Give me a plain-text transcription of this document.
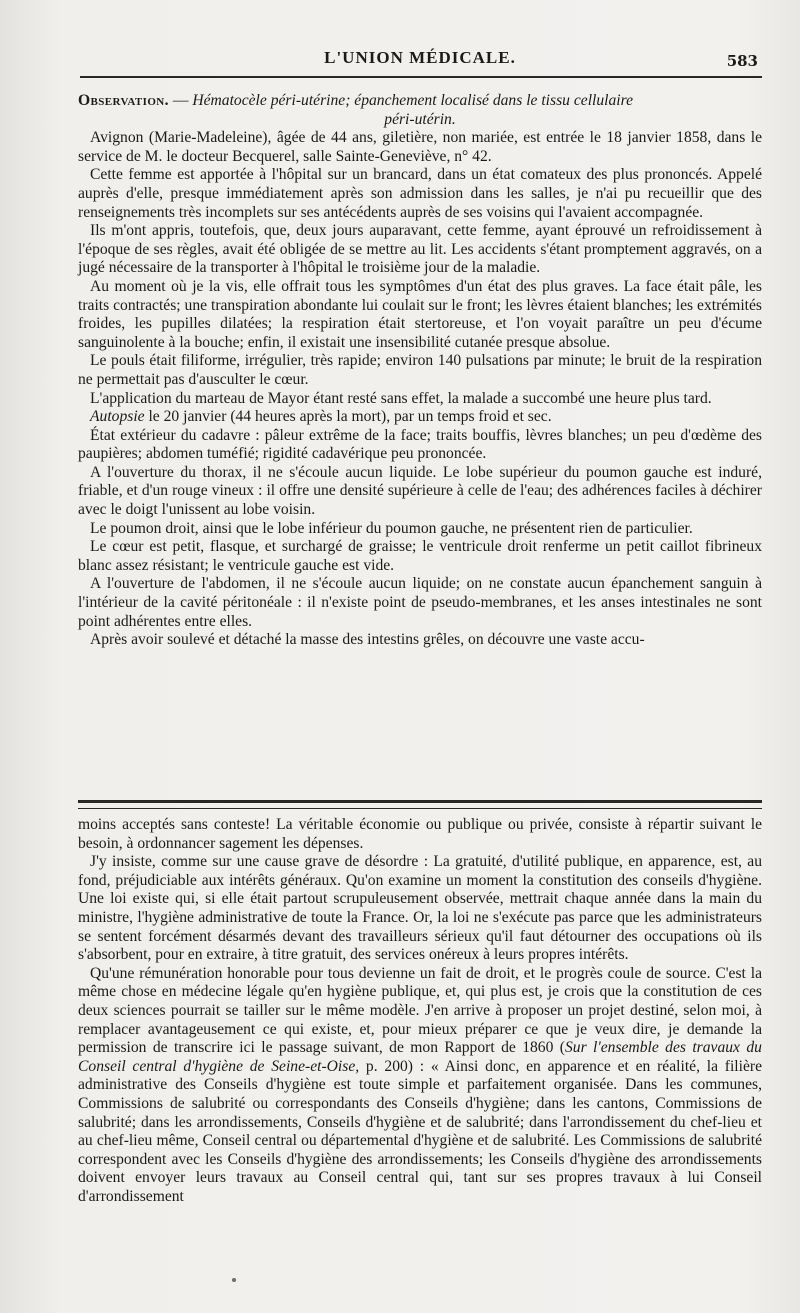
L'UNION MÉDICALE.	583

Observation. — Hématocèle péri-utérine; épanchement localisé dans le tissu cellulaire
péri-utérin.

Avignon (Marie-Madeleine), âgée de 44 ans, giletière, non mariée, est entrée le 18 janvier 1858, dans le service de M. le docteur Becquerel, salle Sainte-Geneviève, n° 42.

Cette femme est apportée à l'hôpital sur un brancard, dans un état comateux des plus prononcés. Appelé auprès d'elle, presque immédiatement après son admission dans les salles, je n'ai pu recueillir que des renseignements très incomplets sur ses antécédents auprès de ses voisins qui l'avaient accompagnée.

Ils m'ont appris, toutefois, que, deux jours auparavant, cette femme, ayant éprouvé un refroidissement à l'époque de ses règles, avait été obligée de se mettre au lit. Les accidents s'étant promptement aggravés, on a jugé nécessaire de la transporter à l'hôpital le troisième jour de la maladie.

Au moment où je la vis, elle offrait tous les symptômes d'un état des plus graves. La face était pâle, les traits contractés; une transpiration abondante lui coulait sur le front; les lèvres étaient blanches; les extrémités froides, les pupilles dilatées; la respiration était stertoreuse, et l'on voyait paraître un peu d'écume sanguinolente à la bouche; enfin, il existait une insensibilité cutanée presque absolue.

Le pouls était filiforme, irrégulier, très rapide; environ 140 pulsations par minute; le bruit de la respiration ne permettait pas d'ausculter le cœur.

L'application du marteau de Mayor étant resté sans effet, la malade a succombé une heure plus tard.

Autopsie le 20 janvier (44 heures après la mort), par un temps froid et sec.

État extérieur du cadavre : pâleur extrême de la face; traits bouffis, lèvres blanches; un peu d'œdème des paupières; abdomen tuméfié; rigidité cadavérique peu prononcée.

A l'ouverture du thorax, il ne s'écoule aucun liquide. Le lobe supérieur du poumon gauche est induré, friable, et d'un rouge vineux : il offre une densité supérieure à celle de l'eau; des adhérences faciles à déchirer avec le doigt l'unissent au lobe voisin.

Le poumon droit, ainsi que le lobe inférieur du poumon gauche, ne présentent rien de particulier.

Le cœur est petit, flasque, et surchargé de graisse; le ventricule droit renferme un petit caillot fibrineux blanc assez résistant; le ventricule gauche est vide.

A l'ouverture de l'abdomen, il ne s'écoule aucun liquide; on ne constate aucun épanchement sanguin à l'intérieur de la cavité péritonéale : il n'existe point de pseudo-membranes, et les anses intestinales ne sont point adhérentes entre elles.

Après avoir soulevé et détaché la masse des intestins grêles, on découvre une vaste accu-

moins acceptés sans conteste! La véritable économie ou publique ou privée, consiste à répartir suivant le besoin, à ordonnancer sagement les dépenses.

J'y insiste, comme sur une cause grave de désordre : La gratuité, d'utilité publique, en apparence, est, au fond, préjudiciable aux intérêts généraux. Qu'on examine un moment la constitution des conseils d'hygiène. Une loi existe qui, si elle était partout scrupuleusement observée, mettrait chaque année dans la main du ministre, l'hygiène administrative de toute la France. Or, la loi ne s'exécute pas parce que les administrateurs se sentent forcément désarmés devant des travailleurs sérieux qu'il faut détourner des occupations où ils s'absorbent, pour en extraire, à titre gratuit, des services onéreux à leurs propres intérêts.

Qu'une rémunération honorable pour tous devienne un fait de droit, et le progrès coule de source. C'est la même chose en médecine légale qu'en hygiène publique, et, qui plus est, je crois que la constitution de ces deux sciences pourrait se tailler sur le même modèle. J'en arrive à proposer un projet destiné, selon moi, à remplacer avantageusement ce qui existe, et, pour mieux préparer ce que je veux dire, je demande la permission de transcrire ici le passage suivant, de mon Rapport de 1860 (Sur l'ensemble des travaux du Conseil central d'hygiène de Seine-et-Oise, p. 200) : « Ainsi donc, en apparence et en réalité, la filière administrative des Conseils d'hygiène est toute simple et parfaitement organisée. Dans les communes, Commissions de salubrité ou correspondants des Conseils d'hygiène; dans les cantons, Commissions de salubrité; dans les arrondissements, Conseils d'hygiène et de salubrité; dans l'arrondissement du chef-lieu et au chef-lieu même, Conseil central ou départemental d'hygiène et de salubrité. Les Commissions de salubrité correspondent avec les Conseils d'hygiène des arrondissements; les Conseils d'hygiène des arrondissements doivent envoyer leurs travaux au Conseil central qui, tant sur ses propres travaux à lui Conseil d'arrondissement
